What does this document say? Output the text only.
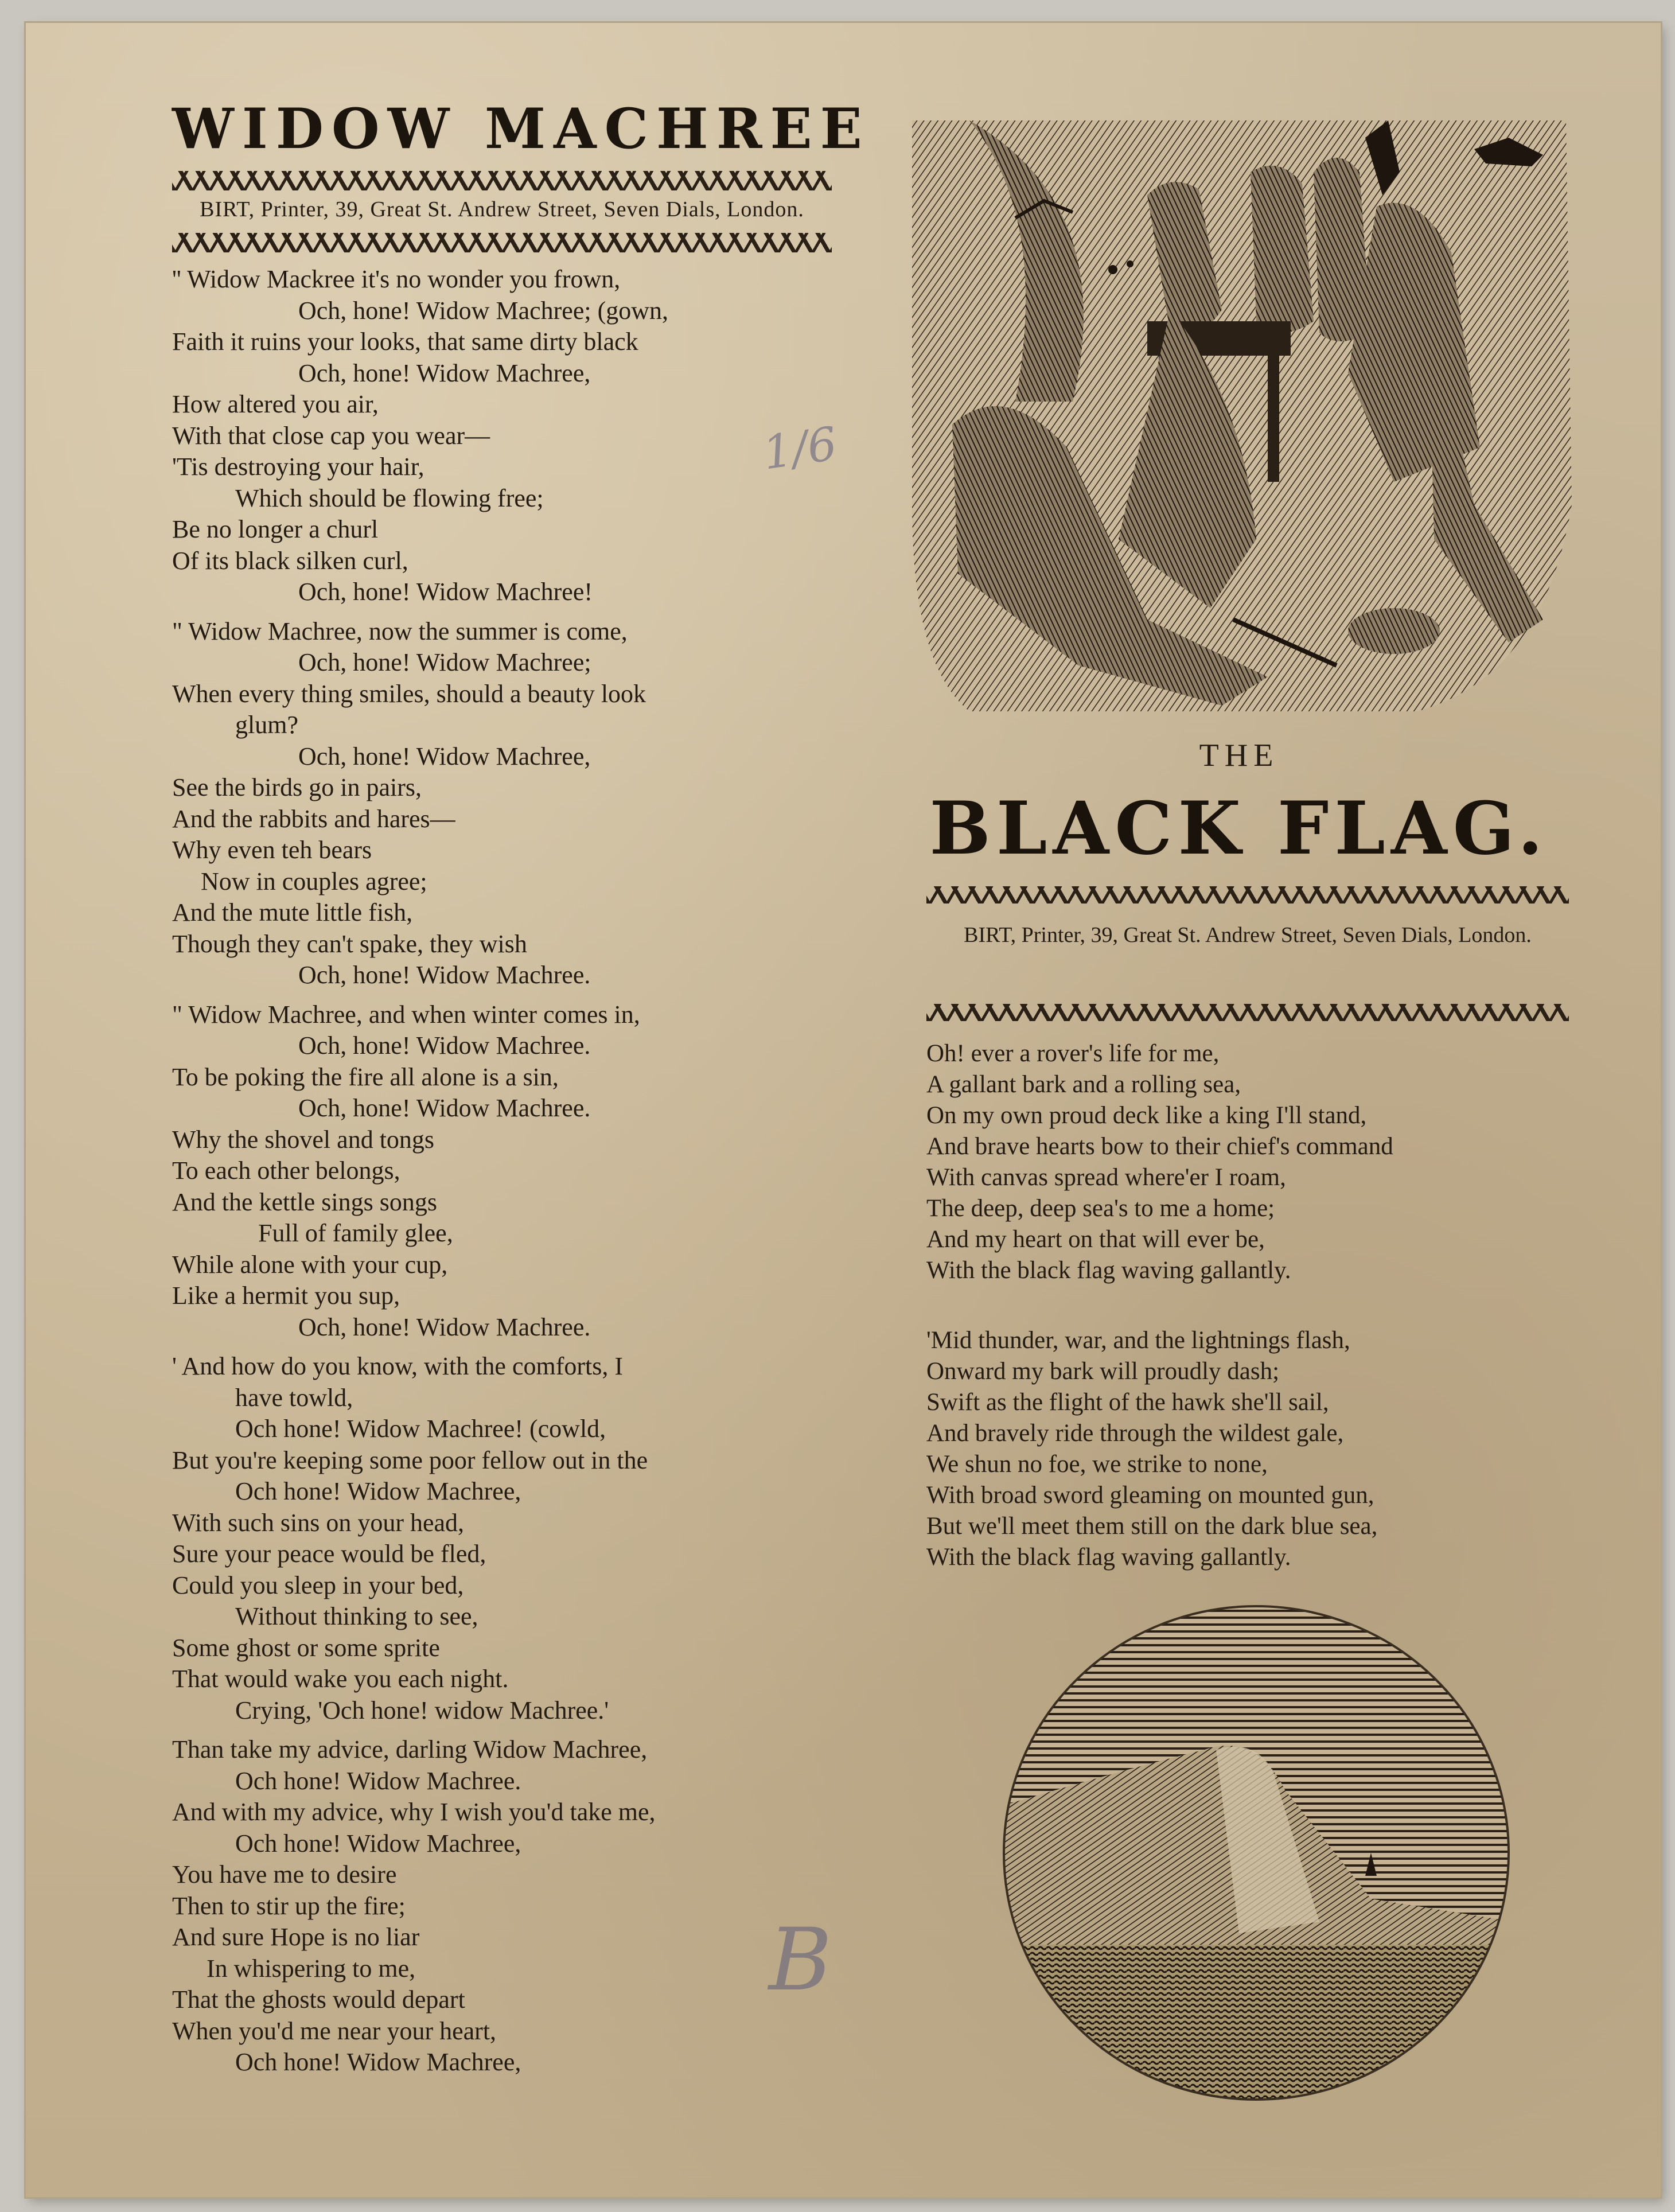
WIDOW MACHREE
BIRT, Printer, 39, Great St. Andrew Street, Seven Dials, London.
'' Widow Mackree it's no wonder you frown,
Och, hone! Widow Machree; (gown,
Faith it ruins your looks, that same dirty black
Och, hone! Widow Machree,
How altered you air,
With that close cap you wear—
'Tis destroying your hair,
Which should be flowing free;
Be no longer a churl
Of its black silken curl,
Och, hone! Widow Machree!
" Widow Machree, now the summer is come,
Och, hone! Widow Machree;
When every thing smiles, should a beauty look
glum?
Och, hone! Widow Machree,
See the birds go in pairs,
And the rabbits and hares—
Why even teh bears
Now in couples agree;
And the mute little fish,
Though they can't spake, they wish
Och, hone! Widow Machree.
" Widow Machree, and when winter comes in,
Och, hone! Widow Machree.
To be poking the fire all alone is a sin,
Och, hone! Widow Machree.
Why the shovel and tongs
To each other belongs,
And the kettle sings songs
Full of family glee,
While alone with your cup,
Like a hermit you sup,
Och, hone! Widow Machree.
' And how do you know, with the comforts, I
have towld,
Och hone! Widow Machree! (cowld,
But you're keeping some poor fellow out in the
Och hone! Widow Machree,
With such sins on your head,
Sure your peace would be fled,
Could you sleep in your bed,
Without thinking to see,
Some ghost or some sprite
That would wake you each night.
Crying, 'Och hone! widow Machree.'
Than take my advice, darling Widow Machree,
Och hone! Widow Machree.
And with my advice, why I wish you'd take me,
Och hone! Widow Machree,
You have me to desire
Then to stir up the fire;
And sure Hope is no liar
In whispering to me,
That the ghosts would depart
When you'd me near your heart,
Och hone! Widow Machree,
1/6
B
THE
BLACK FLAG.
BIRT, Printer, 39, Great St. Andrew Street, Seven Dials, London.
Oh! ever a rover's life for me,
A gallant bark and a rolling sea,
On my own proud deck like a king I'll stand,
And brave hearts bow to their chief's command
With canvas spread where'er I roam,
The deep, deep sea's to me a home;
And my heart on that will ever be,
With the black flag waving gallantly.
'Mid thunder, war, and the lightnings flash,
Onward my bark will proudly dash;
Swift as the flight of the hawk she'll sail,
And bravely ride through the wildest gale,
We shun no foe, we strike to none,
With broad sword gleaming on mounted gun,
But we'll meet them still on the dark blue sea,
With the black flag waving gallantly.
